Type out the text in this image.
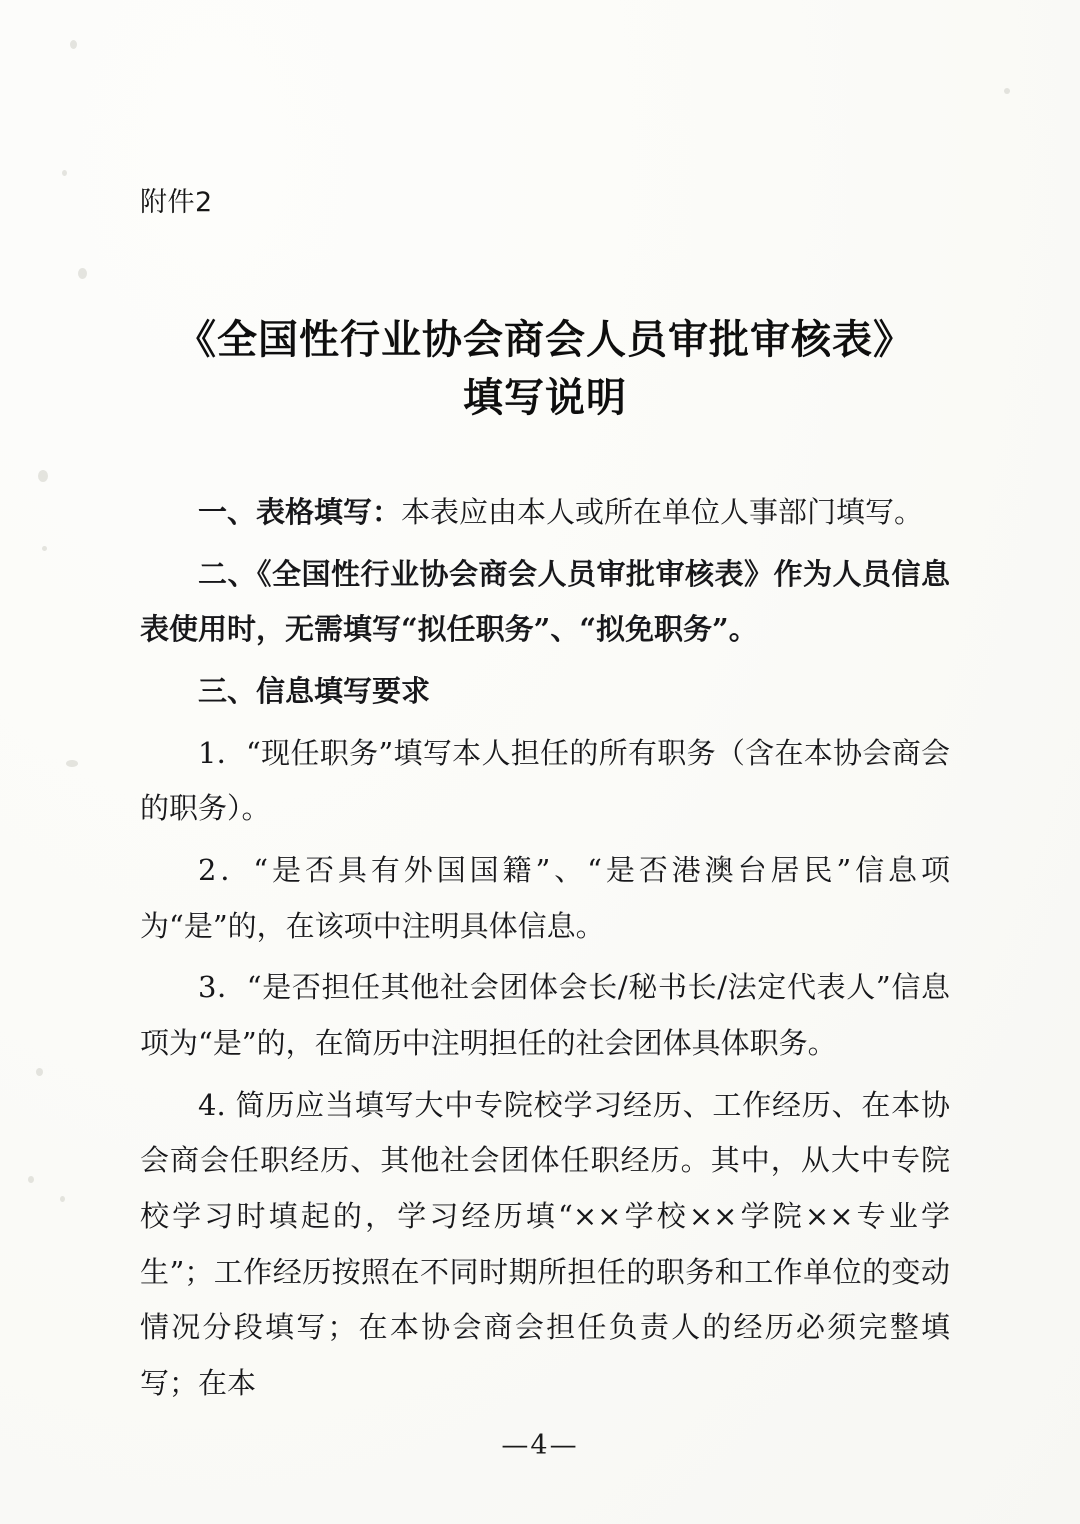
附件2
《全国性行业协会商会人员审批审核表》
填写说明

一、表格填写：本表应由本人或所在单位人事部门填写。

二、《全国性行业协会商会人员审批审核表》作为人员信息表使用时，无需填写“拟任职务”、“拟免职务”。

三、信息填写要求

1．“现任职务”填写本人担任的所有职务（含在本协会商会的职务）。

2．“是否具有外国国籍”、“是否港澳台居民”信息项为“是”的，在该项中注明具体信息。

3．“是否担任其他社会团体会长/秘书长/法定代表人”信息项为“是”的，在简历中注明担任的社会团体具体职务。

4. 简历应当填写大中专院校学习经历、工作经历、在本协会商会任职经历、其他社会团体任职经历。其中，从大中专院校学习时填起的，学习经历填“××学校××学院××专业学生”；工作经历按照在不同时期所担任的职务和工作单位的变动情况分段填写；在本协会商会担任负责人的经历必须完整填写；在本

—4—
